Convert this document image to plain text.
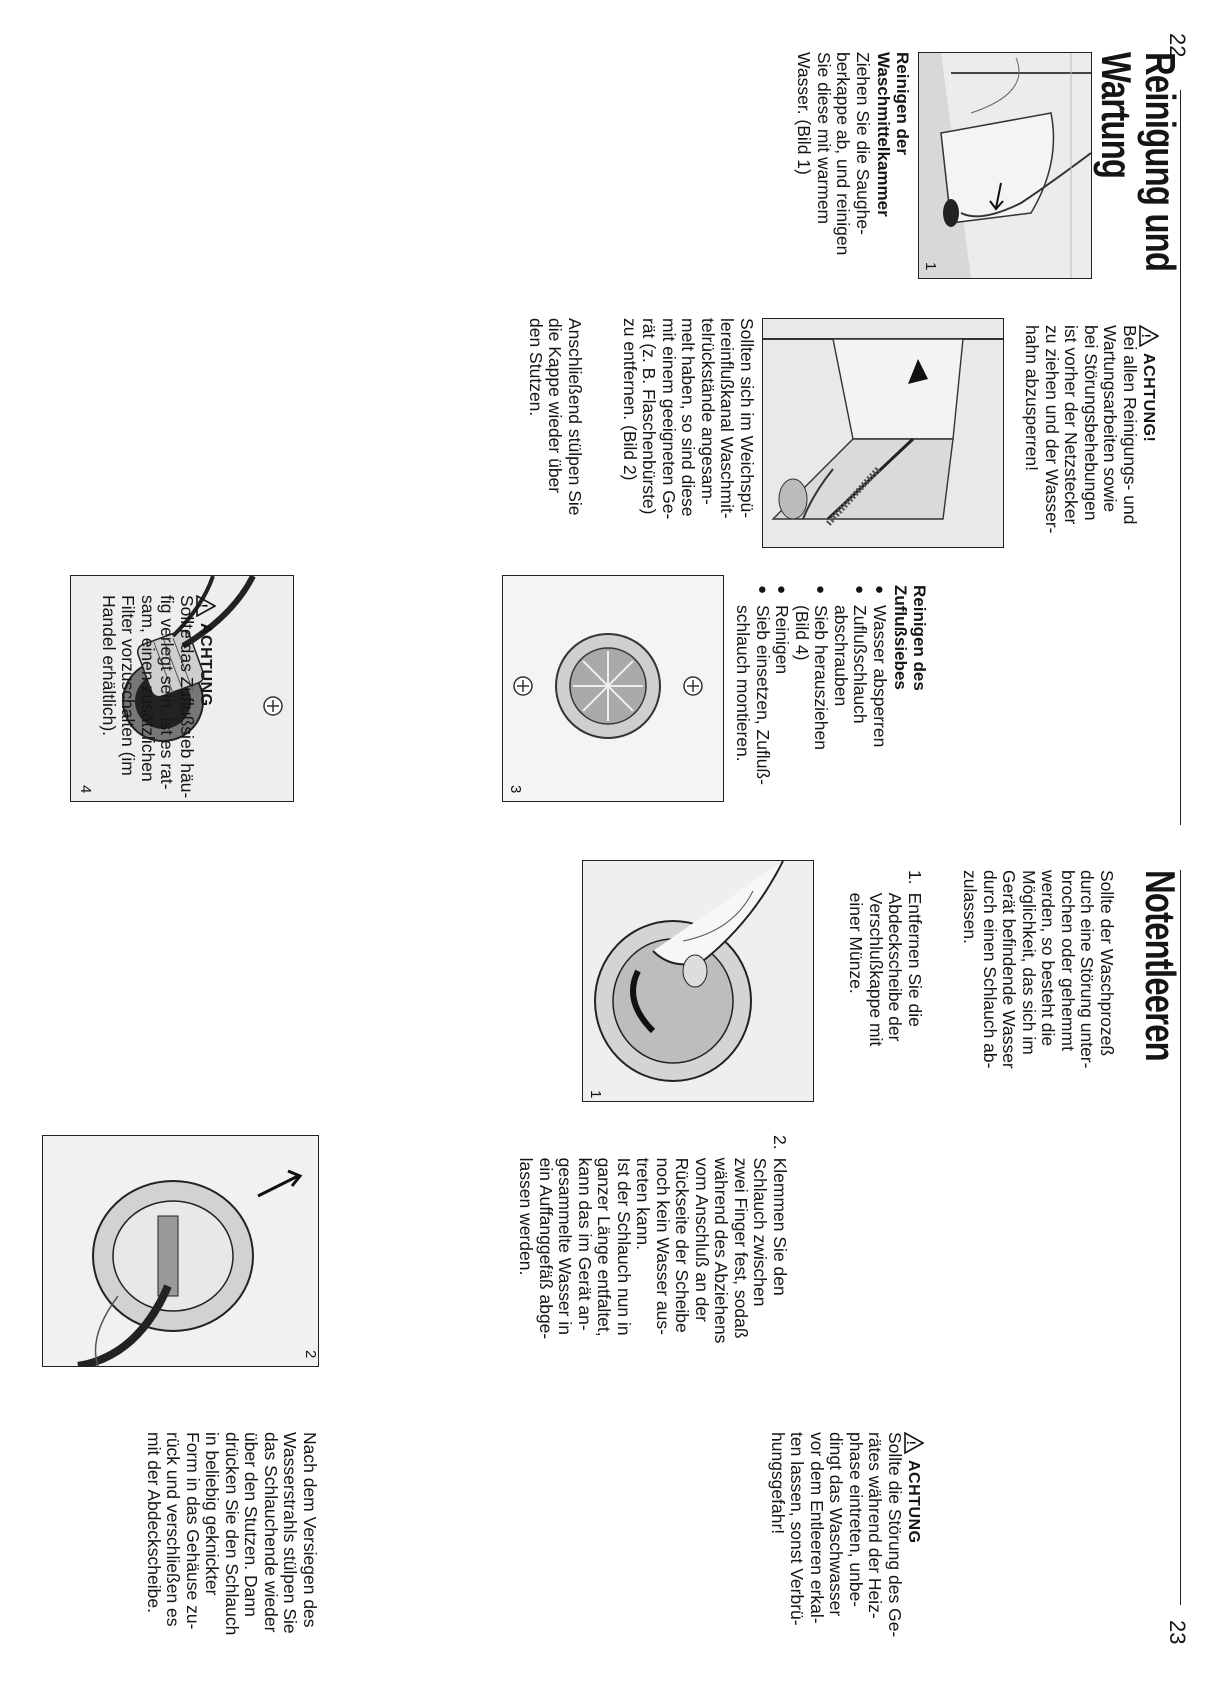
22
23
Reinigung und
Wartung
!
ACHTUNG!
Bei allen Reinigungs- und
Wartungsarbeiten sowie
bei Störungsbehebungen
ist vorher der Netzstecker
zu ziehen und der Wasser-
hahn abzusperren!
1
Reinigen der
Waschmittelkammer
Ziehen Sie die Saughe-
berkappe ab, und reinigen
Sie diese mit warmem
Wasser. (Bild 1)
Sollten sich im Weichspü-
lereinflußkanal Waschmit-
telrückstände angesam-
melt haben, so sind diese
mit einem geeigneten Ge-
rät (z. B. Flaschenbürste)
zu entfernen. (Bild 2)
Anschließend stülpen Sie
die Kappe wieder über
den Stutzen.
Reinigen des
Zuflußsiebes
● Wasser absperren
● Zuflußschlauch
abschrauben
● Sieb herausziehen
(Bild 4)
● Reinigen
● Sieb einsetzen, Zufluß-
schlauch montieren.
3
4
!
ACHTUNG
Sollte das Zuflußsieb häu-
fig verlegt sein, ist es rat-
sam, einen zusätzlichen
Filter vorzuschalten (im
Handel erhältlich).
Notentleeren
Sollte der Waschprozeß
durch eine Störung unter-
brochen oder gehemmt
werden, so besteht die
Möglichkeit, das sich im
Gerät befindende Wasser
durch einen Schlauch ab-
zulassen.
1.
Entfernen Sie die
Abdeckscheibe der
Verschlußkappe mit
einer Münze.
1
2.
Klemmen Sie den
Schlauch zwischen
zwei Finger fest, sodaß
während des Abziehens
vom Anschluß an der
Rückseite der Scheibe
noch kein Wasser aus-
treten kann.
Ist der Schlauch nun in
ganzer Länge entfaltet,
kann das im Gerät an-
gesammelte Wasser in
ein Auffanggefäß abge-
lassen werden.
2
!
ACHTUNG
Sollte die Störung des Ge-
rätes während der Heiz-
phase eintreten, unbe-
dingt das Waschwasser
vor dem Entleeren erkal-
ten lassen, sonst Verbrü-
hungsgefahr!
Nach dem Versiegen des
Wasserstrahls stülpen Sie
das Schlauchende wieder
über den Stutzen. Dann
drücken Sie den Schlauch
in beliebig geknickter
Form in das Gehäuse zu-
rück und verschließen es
mit der Abdeckscheibe.
